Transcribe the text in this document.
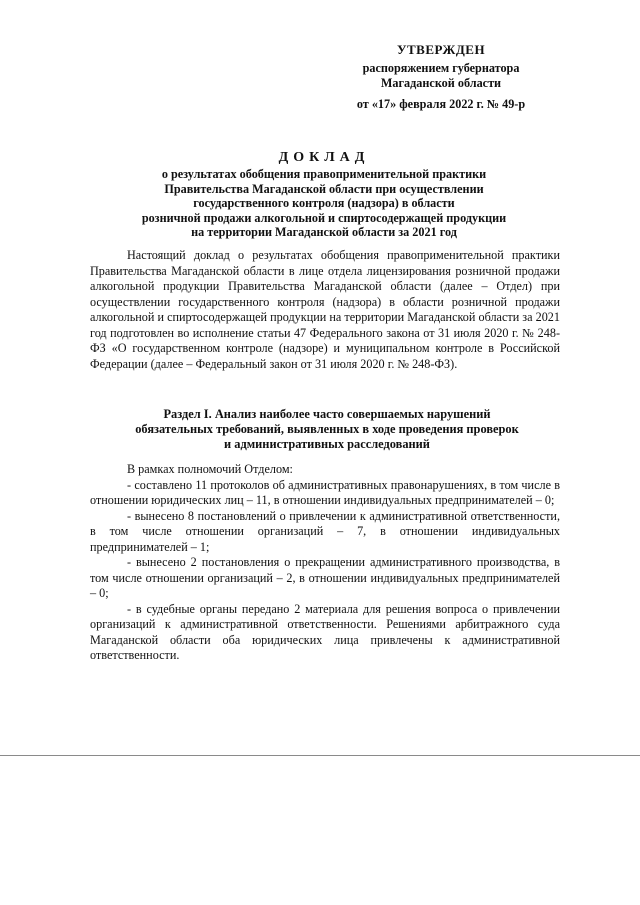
УТВЕРЖДЕН
распоряжением губернатора
Магаданской области
от «17» февраля 2022 г. № 49-р
ДОКЛАД
о результатах обобщения правоприменительной практики
Правительства Магаданской области при осуществлении
государственного контроля (надзора) в области
розничной продажи алкогольной и спиртосодержащей продукции
на территории Магаданской области за 2021 год

Настоящий доклад о результатах обобщения правоприменительной практики Правительства Магаданской области в лице отдела лицензирования розничной продажи алкогольной продукции Правительства Магаданской области (далее – Отдел) при осуществлении государственного контроля (надзора) в области розничной продажи алкогольной и спиртосодержащей продукции на территории Магаданской области за 2021 год подготовлен во исполнение статьи 47 Федерального закона от 31 июля 2020 г. № 248-ФЗ «О государственном контроле (надзоре) и муниципальном контроле в Российской Федерации (далее – Федеральный закон от 31 июля 2020 г. № 248-ФЗ).

Раздел I. Анализ наиболее часто совершаемых нарушений
обязательных требований, выявленных в ходе проведения проверок
и административных расследований

В рамках полномочий Отделом:

- составлено 11 протоколов об административных правонарушениях, в том числе в отношении юридических лиц – 11, в отношении индивидуальных предпринимателей – 0;

- вынесено 8 постановлений о привлечении к административной ответственности, в том числе отношении организаций – 7, в отношении индивидуальных предпринимателей – 1;

- вынесено 2 постановления о прекращении административного производства, в том числе отношении организаций – 2, в отношении индивидуальных предпринимателей – 0;

- в судебные органы передано 2 материала для решения вопроса о привлечении организаций к административной ответственности. Решениями арбитражного суда Магаданской области оба юридических лица привлечены к административной ответственности.
